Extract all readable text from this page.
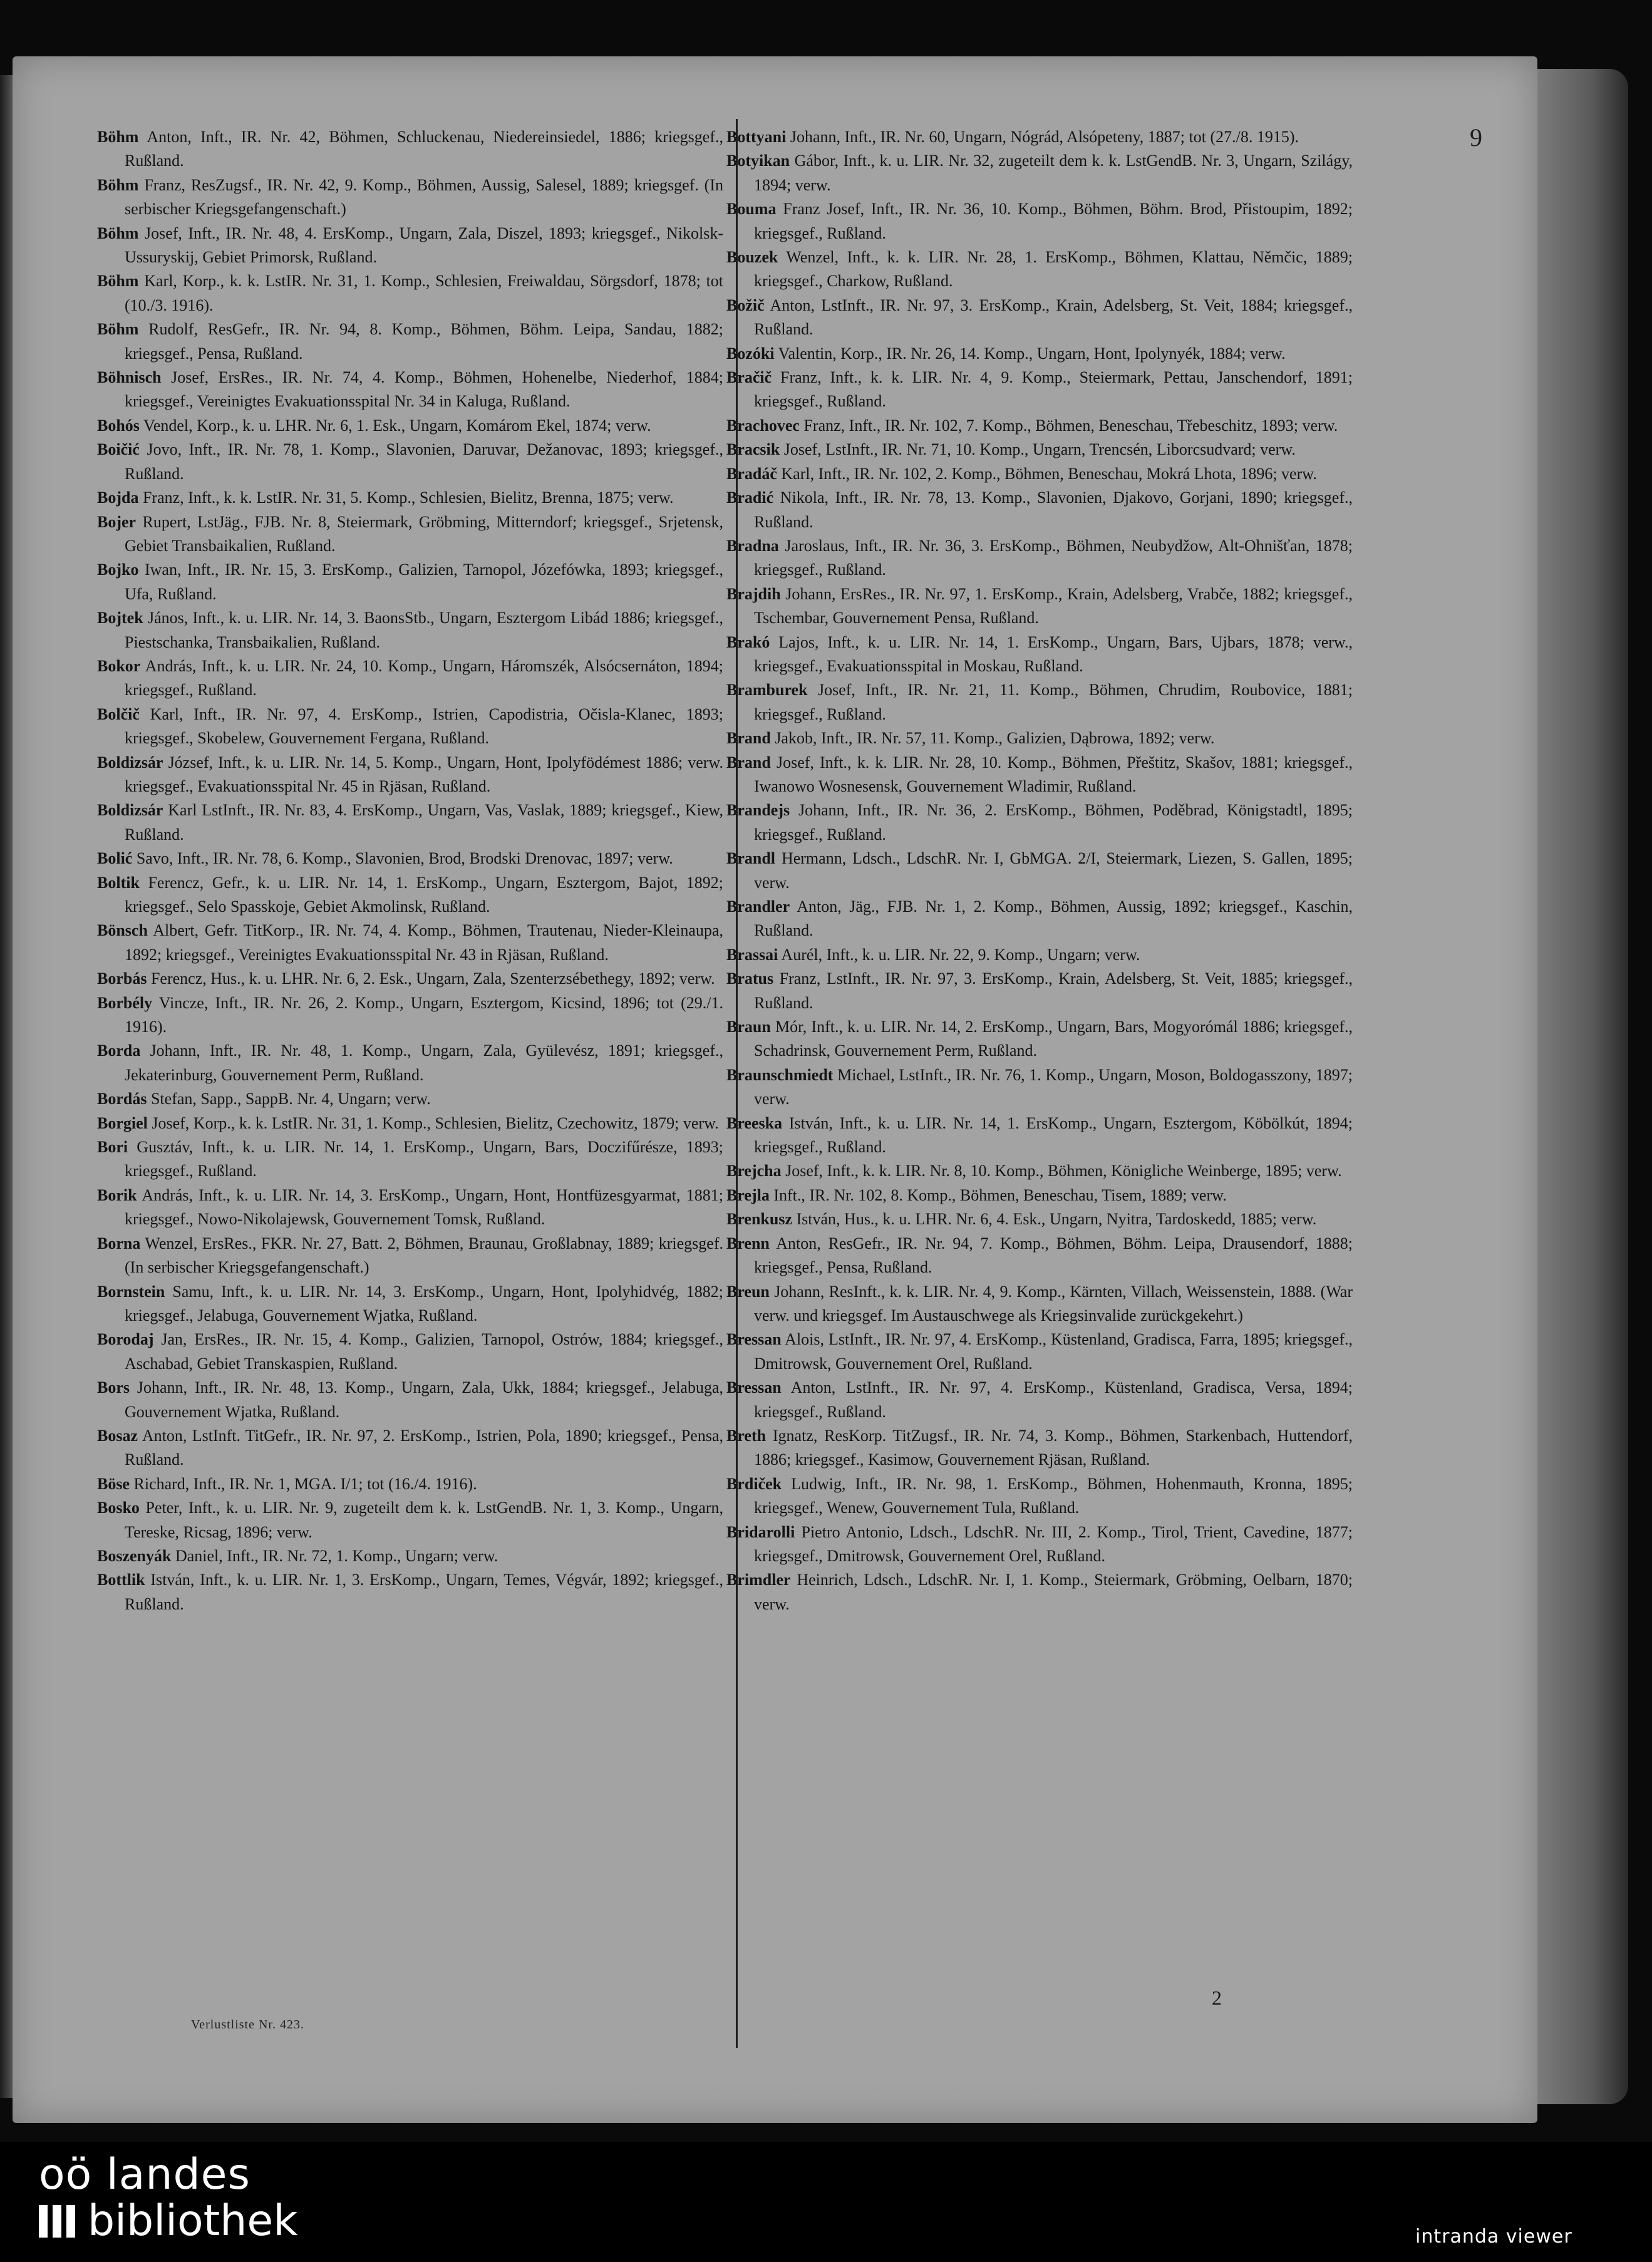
9

Böhm Anton, Inft., IR. Nr. 42, Böhmen, Schluckenau, Niedereinsiedel, 1886; kriegsgef., Rußland.

Böhm Franz, ResZugsf., IR. Nr. 42, 9. Komp., Böhmen, Aussig, Salesel, 1889; kriegsgef. (In serbischer Kriegsgefangenschaft.)

Böhm Josef, Inft., IR. Nr. 48, 4. ErsKomp., Ungarn, Zala, Diszel, 1893; kriegsgef., Nikolsk-Ussuryskij, Gebiet Primorsk, Rußland.

Böhm Karl, Korp., k. k. LstIR. Nr. 31, 1. Komp., Schlesien, Freiwaldau, Sörgsdorf, 1878; tot (10./3. 1916).

Böhm Rudolf, ResGefr., IR. Nr. 94, 8. Komp., Böhmen, Böhm. Leipa, Sandau, 1882; kriegsgef., Pensa, Rußland.

Böhnisch Josef, ErsRes., IR. Nr. 74, 4. Komp., Böhmen, Hohenelbe, Niederhof, 1884; kriegsgef., Vereinigtes Evakuationsspital Nr. 34 in Kaluga, Rußland.

Bohós Vendel, Korp., k. u. LHR. Nr. 6, 1. Esk., Ungarn, Komárom Ekel, 1874; verw.

Boičić Jovo, Inft., IR. Nr. 78, 1. Komp., Slavonien, Daruvar, Dežanovac, 1893; kriegsgef., Rußland.

Bojda Franz, Inft., k. k. LstIR. Nr. 31, 5. Komp., Schlesien, Bielitz, Brenna, 1875; verw.

Bojer Rupert, LstJäg., FJB. Nr. 8, Steiermark, Gröbming, Mitterndorf; kriegsgef., Srjetensk, Gebiet Transbaikalien, Rußland.

Bojko Iwan, Inft., IR. Nr. 15, 3. ErsKomp., Galizien, Tarnopol, Józefówka, 1893; kriegsgef., Ufa, Rußland.

Bojtek János, Inft., k. u. LIR. Nr. 14, 3. BaonsStb., Ungarn, Esztergom Libád 1886; kriegsgef., Piestschanka, Transbaikalien, Rußland.

Bokor András, Inft., k. u. LIR. Nr. 24, 10. Komp., Ungarn, Háromszék, Alsócsernáton, 1894; kriegsgef., Rußland.

Bolčič Karl, Inft., IR. Nr. 97, 4. ErsKomp., Istrien, Capodistria, Očisla-Klanec, 1893; kriegsgef., Skobelew, Gouvernement Fergana, Rußland.

Boldizsár József, Inft., k. u. LIR. Nr. 14, 5. Komp., Ungarn, Hont, Ipolyfödémest 1886; verw. kriegsgef., Evakuationsspital Nr. 45 in Rjäsan, Rußland.

Boldizsár Karl LstInft., IR. Nr. 83, 4. ErsKomp., Ungarn, Vas, Vaslak, 1889; kriegsgef., Kiew, Rußland.

Bolić Savo, Inft., IR. Nr. 78, 6. Komp., Slavonien, Brod, Brodski Drenovac, 1897; verw.

Boltik Ferencz, Gefr., k. u. LIR. Nr. 14, 1. ErsKomp., Ungarn, Esztergom, Bajot, 1892; kriegsgef., Selo Spasskoje, Gebiet Akmolinsk, Rußland.

Bönsch Albert, Gefr. TitKorp., IR. Nr. 74, 4. Komp., Böhmen, Trautenau, Nieder-Kleinaupa, 1892; kriegsgef., Vereinigtes Evakuationsspital Nr. 43 in Rjäsan, Rußland.

Borbás Ferencz, Hus., k. u. LHR. Nr. 6, 2. Esk., Ungarn, Zala, Szenterzsébethegy, 1892; verw.

Borbély Vincze, Inft., IR. Nr. 26, 2. Komp., Ungarn, Esztergom, Kicsind, 1896; tot (29./1. 1916).

Borda Johann, Inft., IR. Nr. 48, 1. Komp., Ungarn, Zala, Gyülevész, 1891; kriegsgef., Jekaterinburg, Gouvernement Perm, Rußland.

Bordás Stefan, Sapp., SappB. Nr. 4, Ungarn; verw.

Borgiel Josef, Korp., k. k. LstIR. Nr. 31, 1. Komp., Schlesien, Bielitz, Czechowitz, 1879; verw.

Bori Gusztáv, Inft., k. u. LIR. Nr. 14, 1. ErsKomp., Ungarn, Bars, Doczifűrésze, 1893; kriegsgef., Rußland.

Borik András, Inft., k. u. LIR. Nr. 14, 3. ErsKomp., Ungarn, Hont, Hontfüzesgyarmat, 1881; kriegsgef., Nowo-Nikolajewsk, Gouvernement Tomsk, Rußland.

Borna Wenzel, ErsRes., FKR. Nr. 27, Batt. 2, Böhmen, Braunau, Großlabnay, 1889; kriegsgef. (In serbischer Kriegsgefangenschaft.)

Bornstein Samu, Inft., k. u. LIR. Nr. 14, 3. ErsKomp., Ungarn, Hont, Ipolyhidvég, 1882; kriegsgef., Jelabuga, Gouvernement Wjatka, Rußland.

Borodaj Jan, ErsRes., IR. Nr. 15, 4. Komp., Galizien, Tarnopol, Ostrów, 1884; kriegsgef., Aschabad, Gebiet Transkaspien, Rußland.

Bors Johann, Inft., IR. Nr. 48, 13. Komp., Ungarn, Zala, Ukk, 1884; kriegsgef., Jelabuga, Gouvernement Wjatka, Rußland.

Bosaz Anton, LstInft. TitGefr., IR. Nr. 97, 2. ErsKomp., Istrien, Pola, 1890; kriegsgef., Pensa, Rußland.

Böse Richard, Inft., IR. Nr. 1, MGA. I/1; tot (16./4. 1916).

Bosko Peter, Inft., k. u. LIR. Nr. 9, zugeteilt dem k. k. LstGendB. Nr. 1, 3. Komp., Ungarn, Tereske, Ricsag, 1896; verw.

Boszenyák Daniel, Inft., IR. Nr. 72, 1. Komp., Ungarn; verw.

Bottlik István, Inft., k. u. LIR. Nr. 1, 3. ErsKomp., Ungarn, Temes, Végvár, 1892; kriegsgef., Rußland.

Bottyani Johann, Inft., IR. Nr. 60, Ungarn, Nógrád, Alsópeteny, 1887; tot (27./8. 1915).

Botyikan Gábor, Inft., k. u. LIR. Nr. 32, zugeteilt dem k. k. LstGendB. Nr. 3, Ungarn, Szilágy, 1894; verw.

Bouma Franz Josef, Inft., IR. Nr. 36, 10. Komp., Böhmen, Böhm. Brod, Přistoupim, 1892; kriegsgef., Rußland.

Bouzek Wenzel, Inft., k. k. LIR. Nr. 28, 1. ErsKomp., Böhmen, Klattau, Němčic, 1889; kriegsgef., Charkow, Rußland.

Božič Anton, LstInft., IR. Nr. 97, 3. ErsKomp., Krain, Adelsberg, St. Veit, 1884; kriegsgef., Rußland.

Bozóki Valentin, Korp., IR. Nr. 26, 14. Komp., Ungarn, Hont, Ipolynyék, 1884; verw.

Bračič Franz, Inft., k. k. LIR. Nr. 4, 9. Komp., Steiermark, Pettau, Janschendorf, 1891; kriegsgef., Rußland.

Brachovec Franz, Inft., IR. Nr. 102, 7. Komp., Böhmen, Beneschau, Třebeschitz, 1893; verw.

Bracsik Josef, LstInft., IR. Nr. 71, 10. Komp., Ungarn, Trencsén, Liborcsudvard; verw.

Bradáč Karl, Inft., IR. Nr. 102, 2. Komp., Böhmen, Beneschau, Mokrá Lhota, 1896; verw.

Bradić Nikola, Inft., IR. Nr. 78, 13. Komp., Slavonien, Djakovo, Gorjani, 1890; kriegsgef., Rußland.

Bradna Jaroslaus, Inft., IR. Nr. 36, 3. ErsKomp., Böhmen, Neubydžow, Alt-Ohnišťan, 1878; kriegsgef., Rußland.

Brajdih Johann, ErsRes., IR. Nr. 97, 1. ErsKomp., Krain, Adelsberg, Vrabče, 1882; kriegsgef., Tschembar, Gouvernement Pensa, Rußland.

Brakó Lajos, Inft., k. u. LIR. Nr. 14, 1. ErsKomp., Ungarn, Bars, Ujbars, 1878; verw., kriegsgef., Evakuationsspital in Moskau, Rußland.

Bramburek Josef, Inft., IR. Nr. 21, 11. Komp., Böhmen, Chrudim, Roubovice, 1881; kriegsgef., Rußland.

Brand Jakob, Inft., IR. Nr. 57, 11. Komp., Galizien, Dąbrowa, 1892; verw.

Brand Josef, Inft., k. k. LIR. Nr. 28, 10. Komp., Böhmen, Přeštitz, Skašov, 1881; kriegsgef., Iwanowo Wosnesensk, Gouvernement Wladimir, Rußland.

Brandejs Johann, Inft., IR. Nr. 36, 2. ErsKomp., Böhmen, Poděbrad, Königstadtl, 1895; kriegsgef., Rußland.

Brandl Hermann, Ldsch., LdschR. Nr. I, GbMGA. 2/I, Steiermark, Liezen, S. Gallen, 1895; verw.

Brandler Anton, Jäg., FJB. Nr. 1, 2. Komp., Böhmen, Aussig, 1892; kriegsgef., Kaschin, Rußland.

Brassai Aurél, Inft., k. u. LIR. Nr. 22, 9. Komp., Ungarn; verw.

Bratus Franz, LstInft., IR. Nr. 97, 3. ErsKomp., Krain, Adelsberg, St. Veit, 1885; kriegsgef., Rußland.

Braun Mór, Inft., k. u. LIR. Nr. 14, 2. ErsKomp., Ungarn, Bars, Mogyorómál 1886; kriegsgef., Schadrinsk, Gouvernement Perm, Rußland.

Braunschmiedt Michael, LstInft., IR. Nr. 76, 1. Komp., Ungarn, Moson, Boldogasszony, 1897; verw.

Breeska István, Inft., k. u. LIR. Nr. 14, 1. ErsKomp., Ungarn, Esztergom, Köbölkút, 1894; kriegsgef., Rußland.

Brejcha Josef, Inft., k. k. LIR. Nr. 8, 10. Komp., Böhmen, Königliche Weinberge, 1895; verw.

Brejla Inft., IR. Nr. 102, 8. Komp., Böhmen, Beneschau, Tisem, 1889; verw.

Brenkusz István, Hus., k. u. LHR. Nr. 6, 4. Esk., Ungarn, Nyitra, Tardoskedd, 1885; verw.

Brenn Anton, ResGefr., IR. Nr. 94, 7. Komp., Böhmen, Böhm. Leipa, Drausendorf, 1888; kriegsgef., Pensa, Rußland.

Breun Johann, ResInft., k. k. LIR. Nr. 4, 9. Komp., Kärnten, Villach, Weissenstein, 1888. (War verw. und kriegsgef. Im Austauschwege als Kriegsinvalide zurückgekehrt.)

Bressan Alois, LstInft., IR. Nr. 97, 4. ErsKomp., Küstenland, Gradisca, Farra, 1895; kriegsgef., Dmitrowsk, Gouvernement Orel, Rußland.

Bressan Anton, LstInft., IR. Nr. 97, 4. ErsKomp., Küstenland, Gradisca, Versa, 1894; kriegsgef., Rußland.

Breth Ignatz, ResKorp. TitZugsf., IR. Nr. 74, 3. Komp., Böhmen, Starkenbach, Huttendorf, 1886; kriegsgef., Kasimow, Gouvernement Rjäsan, Rußland.

Brdiček Ludwig, Inft., IR. Nr. 98, 1. ErsKomp., Böhmen, Hohenmauth, Kronna, 1895; kriegsgef., Wenew, Gouvernement Tula, Rußland.

Bridarolli Pietro Antonio, Ldsch., LdschR. Nr. III, 2. Komp., Tirol, Trient, Cavedine, 1877; kriegsgef., Dmitrowsk, Gouvernement Orel, Rußland.

Brimdler Heinrich, Ldsch., LdschR. Nr. I, 1. Komp., Steiermark, Gröbming, Oelbarn, 1870; verw.

Verlustliste Nr. 423.
2
oö landes
bibliothek	intranda viewer
